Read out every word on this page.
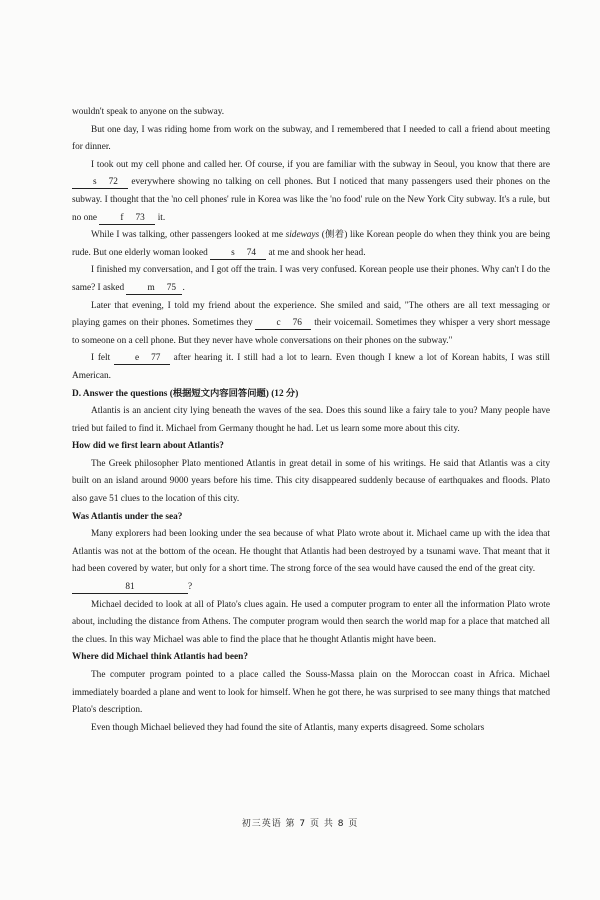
wouldn't speak to anyone on the subway.

But one day, I was riding home from work on the subway, and I remembered that I needed to call a friend about meeting for dinner.

I took out my cell phone and called her. Of course, if you are familiar with the subway in Seoul, you know that there are s 72 everywhere showing no talking on cell phones. But I noticed that many passengers used their phones on the subway. I thought that the 'no cell phones' rule in Korea was like the 'no food' rule on the New York City subway. It's a rule, but no one f 73 it.

While I was talking, other passengers looked at me sideways (侧着) like Korean people do when they think you are being rude. But one elderly woman looked s 74 at me and shook her head.

I finished my conversation, and I got off the train. I was very confused. Korean people use their phones. Why can't I do the same? I asked m 75 .

Later that evening, I told my friend about the experience. She smiled and said, "The others are all text messaging or playing games on their phones. Sometimes they c 76 their voicemail. Sometimes they whisper a very short message to someone on a cell phone. But they never have whole conversations on their phones on the subway."

I felt e 77 after hearing it. I still had a lot to learn. Even though I knew a lot of Korean habits, I was still American.

D. Answer the questions (根据短文内容回答问题) (12 分)

Atlantis is an ancient city lying beneath the waves of the sea. Does this sound like a fairy tale to you? Many people have tried but failed to find it. Michael from Germany thought he had. Let us learn some more about this city.

How did we first learn about Atlantis?

The Greek philosopher Plato mentioned Atlantis in great detail in some of his writings. He said that Atlantis was a city built on an island around 9000 years before his time. This city disappeared suddenly because of earthquakes and floods. Plato also gave 51 clues to the location of this city.

Was Atlantis under the sea?

Many explorers had been looking under the sea because of what Plato wrote about it. Michael came up with the idea that Atlantis was not at the bottom of the ocean. He thought that Atlantis had been destroyed by a tsunami wave. That meant that it had been covered by water, but only for a short time. The strong force of the sea would have caused the end of the great city.

81	?

Michael decided to look at all of Plato's clues again. He used a computer program to enter all the information Plato wrote about, including the distance from Athens. The computer program would then search the world map for a place that matched all the clues. In this way Michael was able to find the place that he thought Atlantis might have been.

Where did Michael think Atlantis had been?

The computer program pointed to a place called the Souss-Massa plain on the Moroccan coast in Africa. Michael immediately boarded a plane and went to look for himself. When he got there, he was surprised to see many things that matched Plato's description.

Even though Michael believed they had found the site of Atlantis, many experts disagreed. Some scholars

初三英语 第 7 页 共 8 页
